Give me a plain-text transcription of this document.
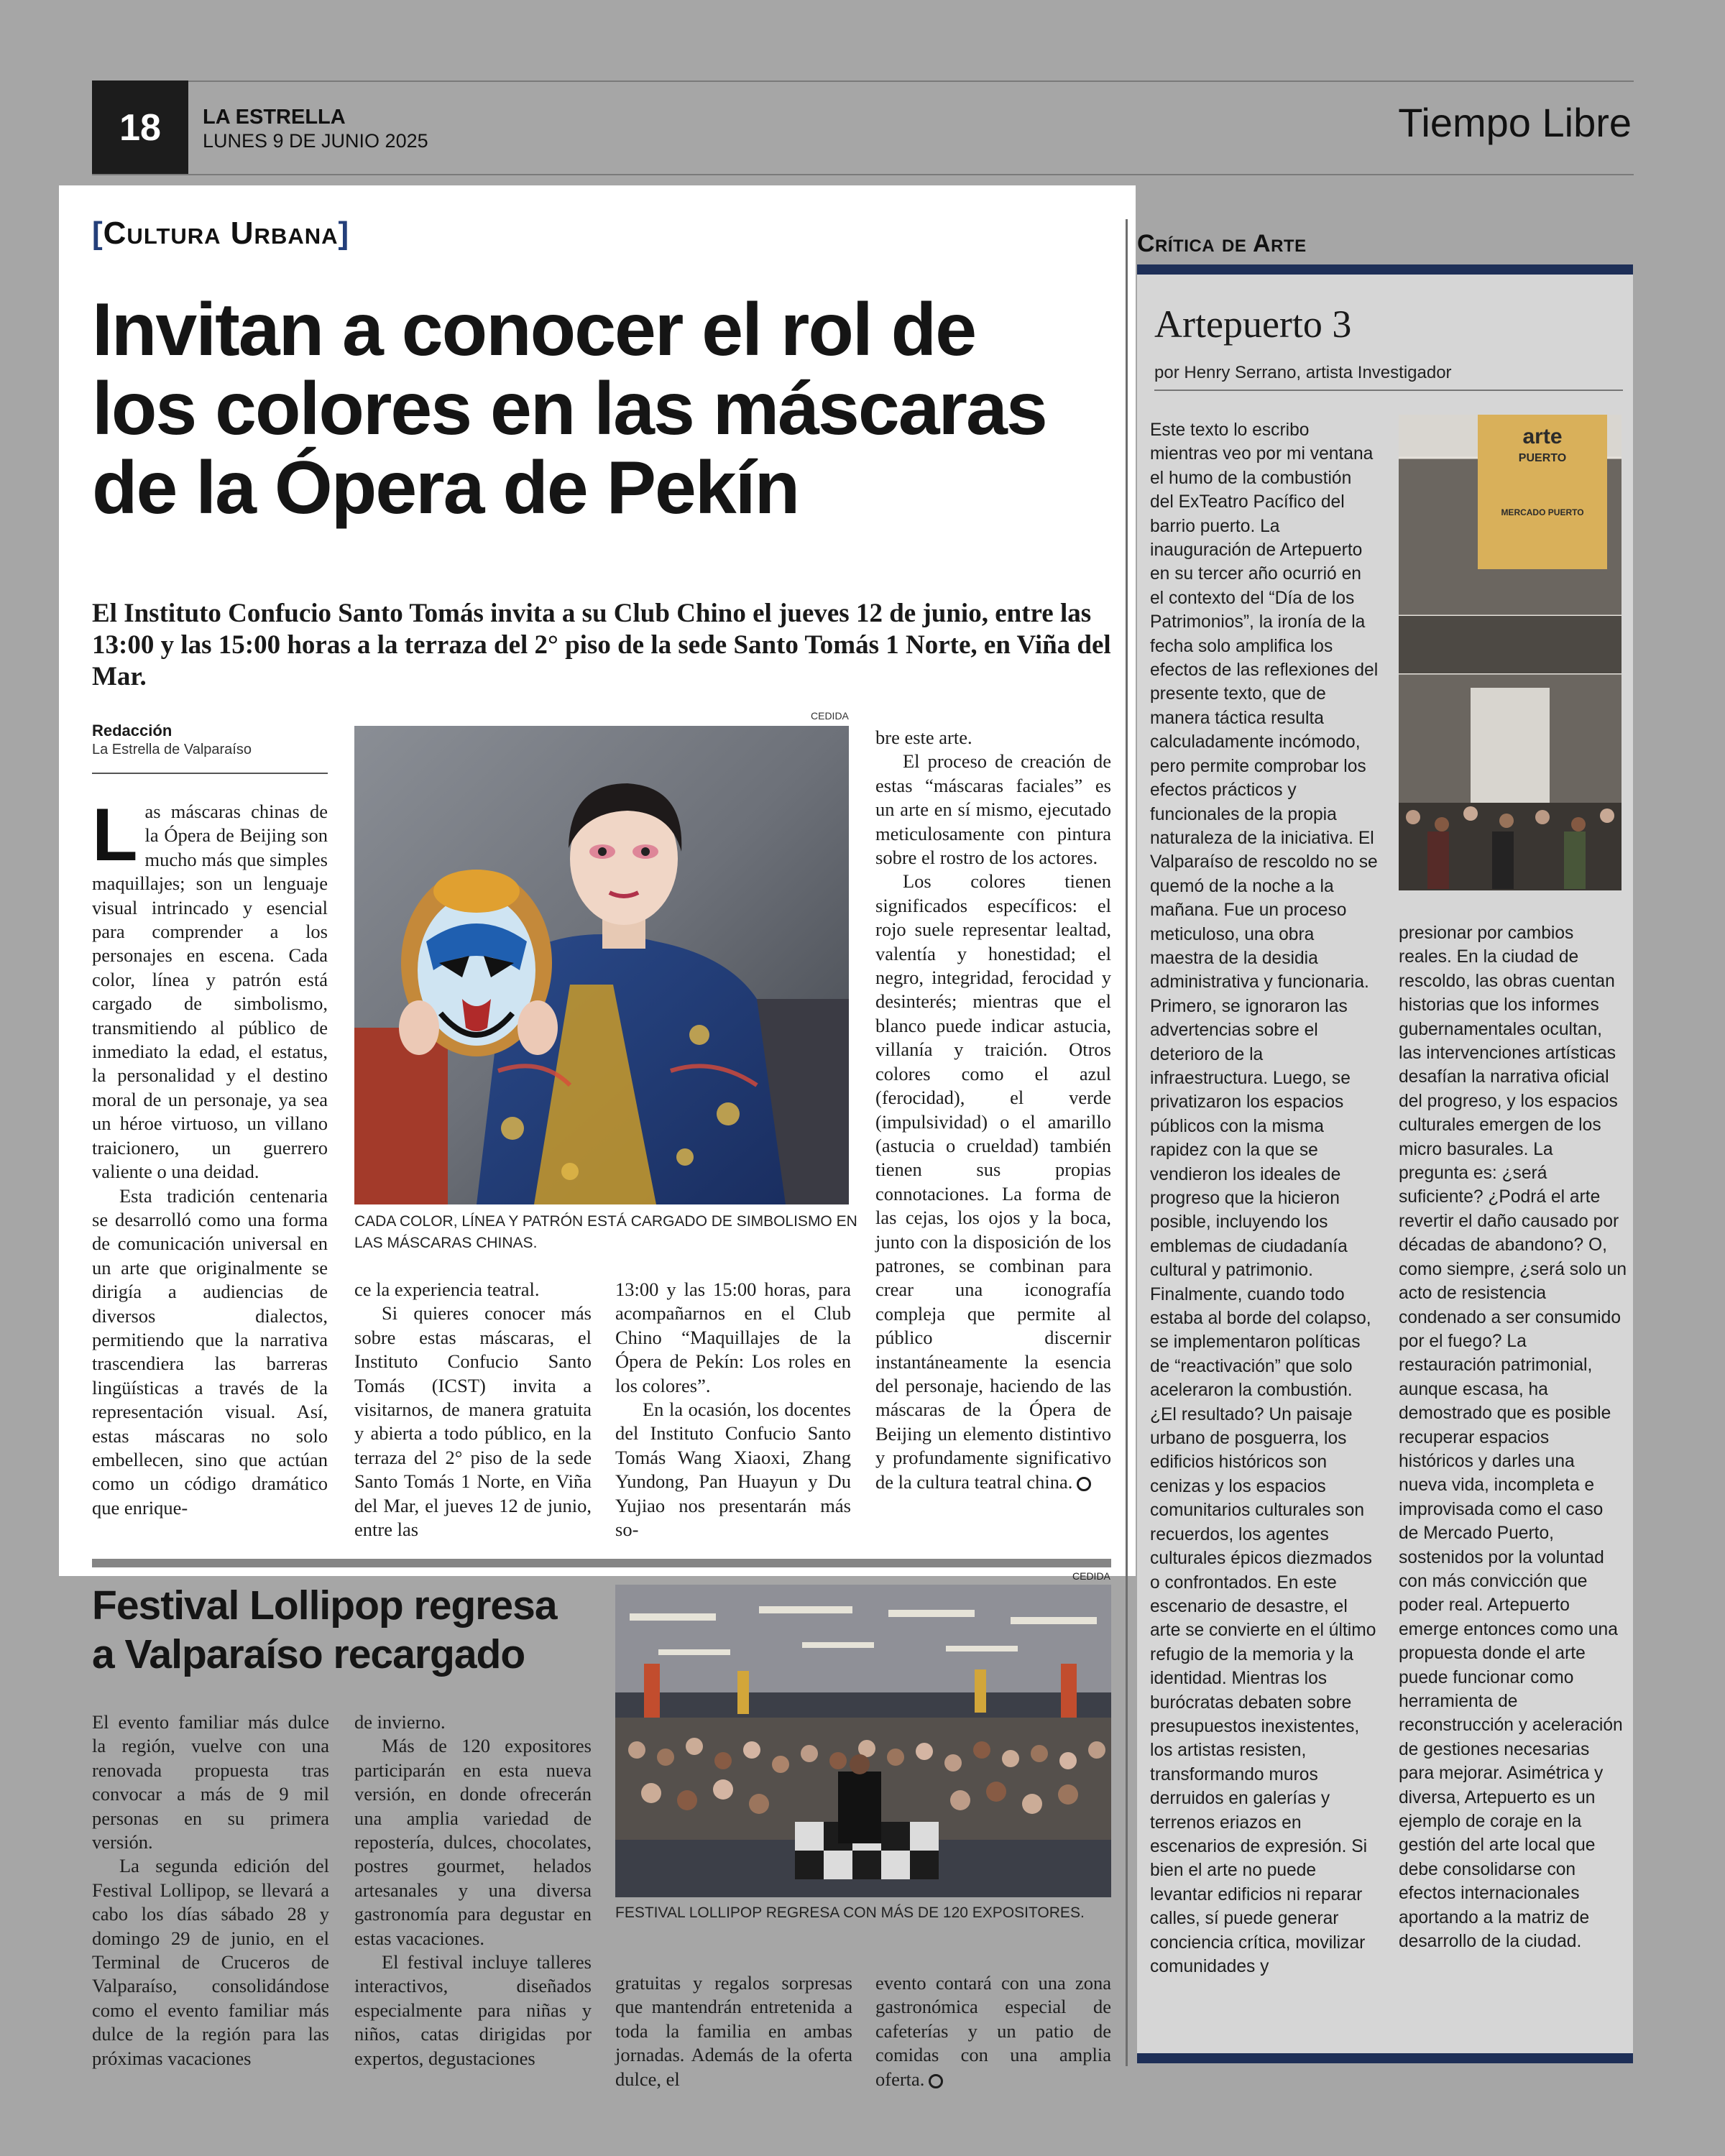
18	LA ESTRELLA
LUNES 9 DE JUNIO 2025	Tiempo Libre
[Cultura Urbana]
Invitan a conocer el rol de
los colores en las máscaras
de la Ópera de Pekín
El Instituto Confucio Santo Tomás invita a su Club Chino el jueves 12 de junio, entre las 13:00 y las 15:00 horas a la terraza del 2° piso de la sede Santo Tomás 1 Norte, en Viña del Mar.
Redacción
La Estrella de Valparaíso
CEDIDA
CADA COLOR, LÍNEA Y PATRÓN ESTÁ CARGADO DE SIMBOLISMO EN LAS MÁSCARAS CHINAS.

Las máscaras chinas de la Ópera de Beijing son mucho más que simples maquillajes; son un lenguaje visual intrincado y esencial para comprender a los personajes en escena. Cada color, línea y patrón está cargado de simbolismo, transmitiendo al público de inmediato la edad, el estatus, la personalidad y el destino moral de un personaje, ya sea un héroe virtuoso, un villano traicionero, un guerrero valiente o una deidad.

Esta tradición centenaria se desarrolló como una forma de comunicación universal en un arte que originalmente se dirigía a audiencias de diversos dialectos, permitiendo que la narrativa trascendiera las barreras lingüísticas a través de la representación visual. Así, estas máscaras no solo embellecen, sino que actúan como un código dramático que enrique-

ce la experiencia teatral.

Si quieres conocer más sobre estas máscaras, el Instituto Confucio Santo Tomás (ICST) invita a visitarnos, de manera gratuita y abierta a todo público, en la terraza del 2° piso de la sede Santo Tomás 1 Norte, en Viña del Mar, el jueves 12 de junio, entre las

13:00 y las 15:00 horas, para acompañarnos en el Club Chino “Maquillajes de la Ópera de Pekín: Los roles en los colores”.

En la ocasión, los docentes del Instituto Confucio Santo Tomás Wang Xiaoxi, Zhang Yundong, Pan Huayun y Du Yujiao nos presentarán más so-

bre este arte.

El proceso de creación de estas “máscaras faciales” es un arte en sí mismo, ejecutado meticulosamente con pintura sobre el rostro de los actores.

Los colores tienen significados específicos: el rojo suele representar lealtad, valentía y honestidad; el negro, integridad, ferocidad y desinterés; mientras que el blanco puede indicar astucia, villanía y traición. Otros colores como el azul (ferocidad), el verde (impulsividad) o el amarillo (astucia o crueldad) también tienen sus propias connotaciones. La forma de las cejas, los ojos y la boca, junto con la disposición de los patrones, se combinan para crear una iconografía compleja que permite al público discernir instantáneamente la esencia del personaje, haciendo de las máscaras de la Ópera de Beijing un elemento distintivo y profundamente significativo de la cultura teatral china.

Festival Lollipop regresa
a Valparaíso recargado
CEDIDA
FESTIVAL LOLLIPOP REGRESA CON MÁS DE 120 EXPOSITORES.

El evento familiar más dulce la región, vuelve con una renovada propuesta tras convocar a más de 9 mil personas en su primera versión.

La segunda edición del Festival Lollipop, se llevará a cabo los días sábado 28 y domingo 29 de junio, en el Terminal de Cruceros de Valparaíso, consolidándose como el evento familiar más dulce de la región para las próximas vacaciones

de invierno.

Más de 120 expositores participarán en esta nueva versión, en donde ofrecerán una amplia variedad de repostería, dulces, chocolates, postres gourmet, helados artesanales y una diversa gastronomía para degustar en estas vacaciones.

El festival incluye talleres interactivos, diseñados especialmente para niñas y niños, catas dirigidas por expertos, degustaciones

gratuitas y regalos sorpresas que mantendrán entretenida a toda la familia en ambas jornadas. Además de la oferta dulce, el

evento contará con una zona gastronómica especial de cafeterías y un patio de comidas con una amplia oferta.

Crítica de Arte
Artepuerto 3
por Henry Serrano, artista Investigador
Este texto lo escribo mientras veo por mi ventana el humo de la combustión del ExTeatro Pacífico del barrio puerto. La inauguración de Artepuerto en su tercer año ocurrió en el contexto del “Día de los Patrimonios”, la ironía de la fecha solo amplifica los efectos de las reflexiones del presente texto, que de manera táctica resulta calculadamente incómodo, pero permite comprobar los efectos prácticos y funcionales de la propia naturaleza de la iniciativa. El Valparaíso de rescoldo no se quemó de la noche a la mañana. Fue un proceso meticuloso, una obra maestra de la desidia administrativa y funcionaria. Primero, se ignoraron las advertencias sobre el deterioro de la infraestructura. Luego, se privatizaron los espacios públicos con la misma rapidez con la que se vendieron los ideales de progreso que la hicieron posible, incluyendo los emblemas de ciudadanía cultural y patrimonio. Finalmente, cuando todo estaba al borde del colapso, se implementaron políticas de “reactivación” que solo aceleraron la combustión. ¿El resultado? Un paisaje urbano de posguerra, los edificios históricos son cenizas y los espacios comunitarios culturales son recuerdos, los agentes culturales épicos diezmados o confrontados. En este escenario de desastre, el arte se convierte en el último refugio de la memoria y la identidad. Mientras los burócratas debaten sobre presupuestos inexistentes, los artistas resisten, transformando muros derruidos en galerías y terrenos eriazos en escenarios de expresión. Si bien el arte no puede levantar edificios ni reparar calles, sí puede generar conciencia crítica, movilizar comunidades y
arte
PUERTO
MERCADO PUERTO
presionar por cambios reales. En la ciudad de rescoldo, las obras cuentan historias que los informes gubernamentales ocultan, las intervenciones artísticas desafían la narrativa oficial del progreso, y los espacios culturales emergen de los micro basurales. La pregunta es: ¿será suficiente? ¿Podrá el arte revertir el daño causado por décadas de abandono? O, como siempre, ¿será solo un acto de resistencia condenado a ser consumido por el fuego? La restauración patrimonial, aunque escasa, ha demostrado que es posible recuperar espacios históricos y darles una nueva vida, incompleta e improvisada como el caso de Mercado Puerto, sostenidos por la voluntad con más convicción que poder real. Artepuerto emerge entonces como una propuesta donde el arte puede funcionar como herramienta de reconstrucción y aceleración de gestiones necesarias para mejorar. Asimétrica y diversa, Artepuerto es un ejemplo de coraje en la gestión del arte local que debe consolidarse con efectos internacionales aportando a la matriz de desarrollo de la ciudad.
